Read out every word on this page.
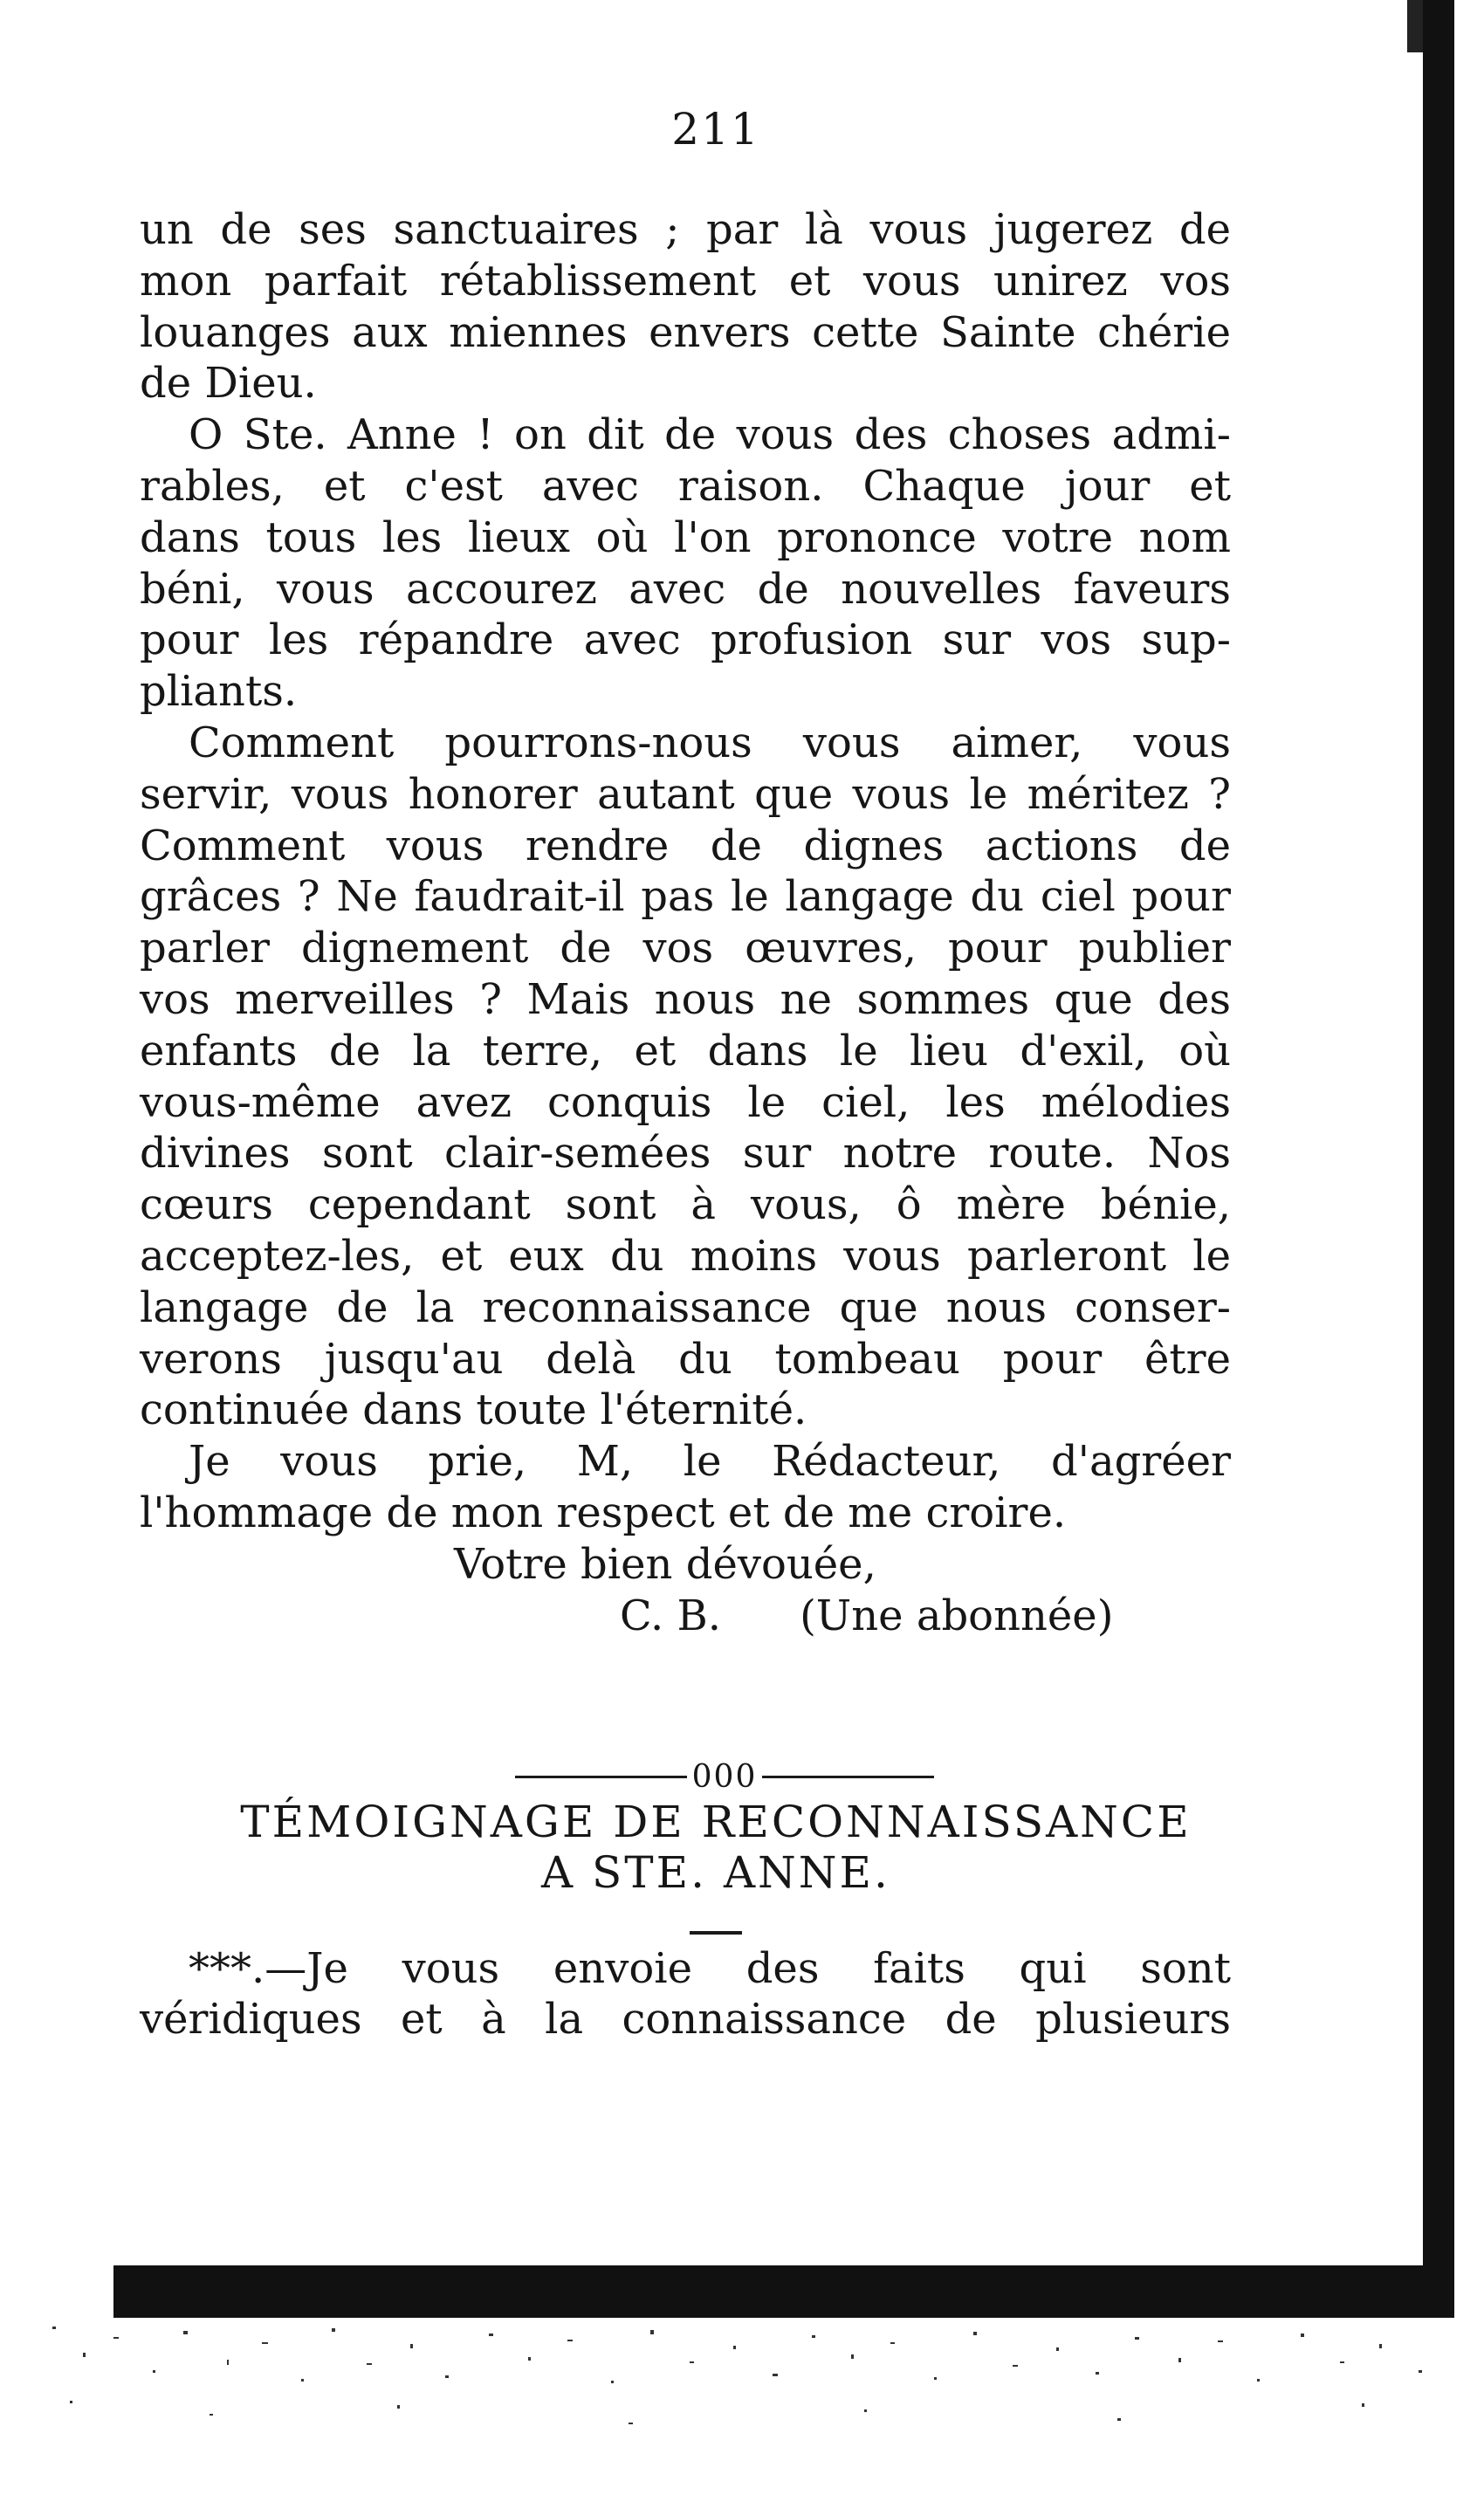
211
un de ses sanctuaires ; par là vous jugerez de
mon parfait rétablissement et vous unirez vos
louanges aux miennes envers cette Sainte chérie
de Dieu.
O Ste. Anne ! on dit de vous des choses admi-
rables, et c'est avec raison. Chaque jour et
dans tous les lieux où l'on prononce votre nom
béni, vous accourez avec de nouvelles faveurs
pour les répandre avec profusion sur vos sup-
pliants.
Comment pourrons-nous vous aimer, vous
servir, vous honorer autant que vous le méritez ?
Comment vous rendre de dignes actions de
grâces ? Ne faudrait-il pas le langage du ciel pour
parler dignement de vos œuvres, pour publier
vos merveilles ? Mais nous ne sommes que des
enfants de la terre, et dans le lieu d'exil, où
vous-même avez conquis le ciel, les mélodies
divines sont clair-semées sur notre route. Nos
cœurs cependant sont à vous, ô mère bénie,
acceptez-les, et eux du moins vous parleront le
langage de la reconnaissance que nous conser-
verons jusqu'au delà du tombeau pour être
continuée dans toute l'éternité.
Je vous prie, M, le Rédacteur, d'agréer
l'hommage de mon respect et de me croire.
Votre bien dévouée,
C. B. (Une abonnée)
000
TÉMOIGNAGE DE RECONNAISSANCE
A STE. ANNE.
***.—Je vous envoie des faits qui sont
véridiques et à la connaissance de plusieurs
